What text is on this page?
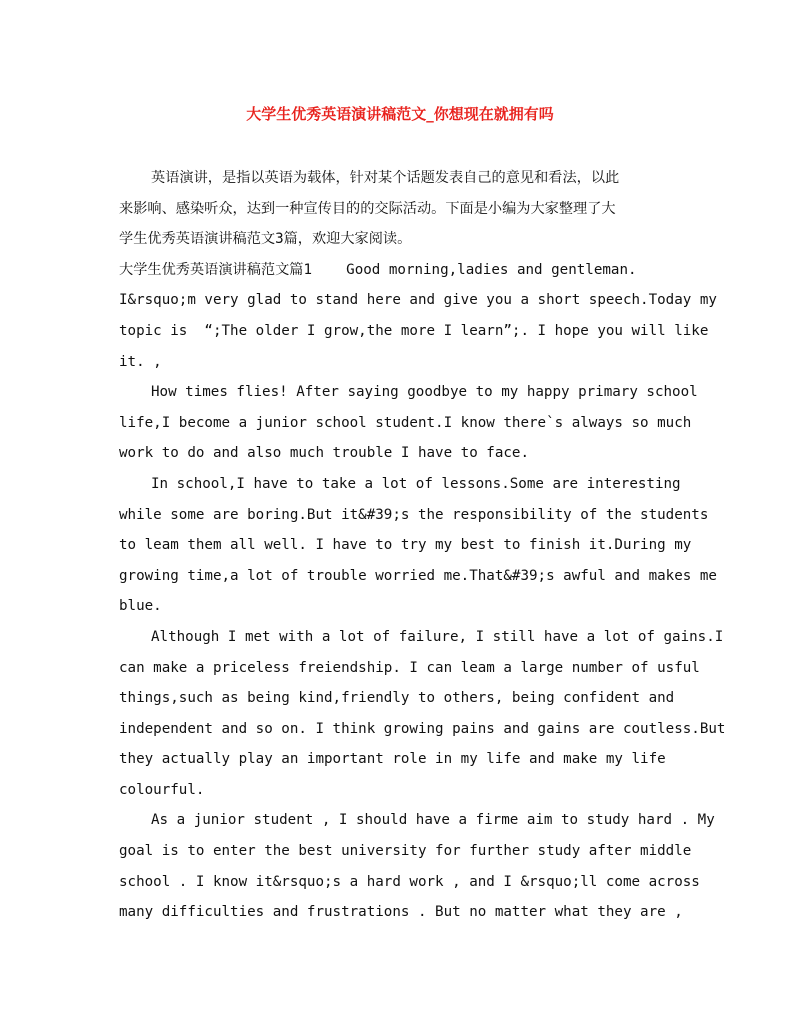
大学生优秀英语演讲稿范文_你想现在就拥有吗

英语演讲，是指以英语为载体，针对某个话题发表自己的意见和看法，以此

来影响、感染听众，达到一种宣传目的的交际活动。下面是小编为大家整理了大

学生优秀英语演讲稿范文3篇，欢迎大家阅读。

大学生优秀英语演讲稿范文篇1    Good morning,ladies and gentleman.

I&rsquo;m very glad to stand here and give you a short speech.Today my

topic is  “;The older I grow,the more I learn”;. I hope you will like

it. ,

How times flies! After saying goodbye to my happy primary school

life,I become a junior school student.I know there`s always so much

work to do and also much trouble I have to face.

In school,I have to take a lot of lessons.Some are interesting

while some are boring.But it&#39;s the responsibility of the students

to leam them all well. I have to try my best to finish it.During my

growing time,a lot of trouble worried me.That&#39;s awful and makes me

blue.

Although I met with a lot of failure, I still have a lot of gains.I

can make a priceless freiendship. I can leam a large number of usful

things,such as being kind,friendly to others, being confident and

independent and so on. I think growing pains and gains are coutless.But

they actually play an important role in my life and make my life

colourful.

As a junior student , I should have a firme aim to study hard . My

goal is to enter the best university for further study after middle

school . I know it&rsquo;s a hard work , and I &rsquo;ll come across

many difficulties and frustrations . But no matter what they are ,
